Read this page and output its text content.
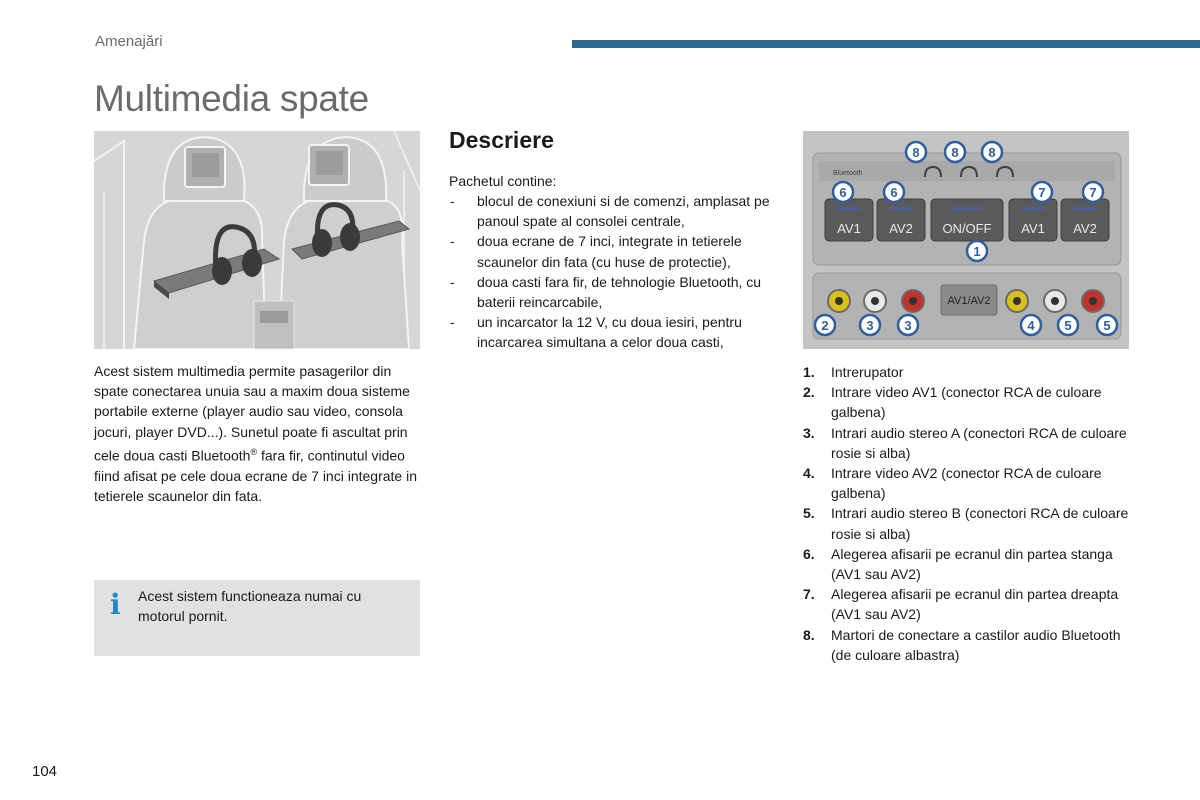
Amenajări
Multimedia spate
Acest sistem multimedia permite pasagerilor din spate conectarea unuia sau a maxim doua sisteme portabile externe (player audio sau video, consola jocuri, player DVD...). Sunetul poate fi ascultat prin cele doua casti Bluetooth® fara fir, continutul video fiind afisat pe cele doua ecrane de 7 inci integrate in tetierele scaunelor din fata.
i Acest sistem functioneaza numai cu motorul pornit.
Descriere
Pachetul contine:
- blocul de conexiuni si de comenzi, amplasat pe panoul spate al consolei centrale,
- doua ecrane de 7 inci, integrate in tetierele scaunelor din fata (cu huse de protectie),
- doua casti fara fir, de tehnologie Bluetooth, cu baterii reincarcabile,
- un incarcator la 12 V, cu doua iesiri, pentru incarcarea simultana a celor doua casti,
Bluetooth
AV1 AV2 ON/OFF AV1 AV2
AV1/AV2
8 8 8
6	6	7	7
1
2	3 3	4 5 5
1. Intrerupator
2. Intrare video AV1 (conector RCA de culoare galbena)
3. Intrari audio stereo A (conectori RCA de culoare rosie si alba)
4. Intrare video AV2 (conector RCA de culoare galbena)
5. Intrari audio stereo B (conectori RCA de culoare rosie si alba)
6. Alegerea afisarii pe ecranul din partea stanga (AV1 sau AV2)
7. Alegerea afisarii pe ecranul din partea dreapta (AV1 sau AV2)
8. Martori de conectare a castilor audio Bluetooth (de culoare albastra)
104
